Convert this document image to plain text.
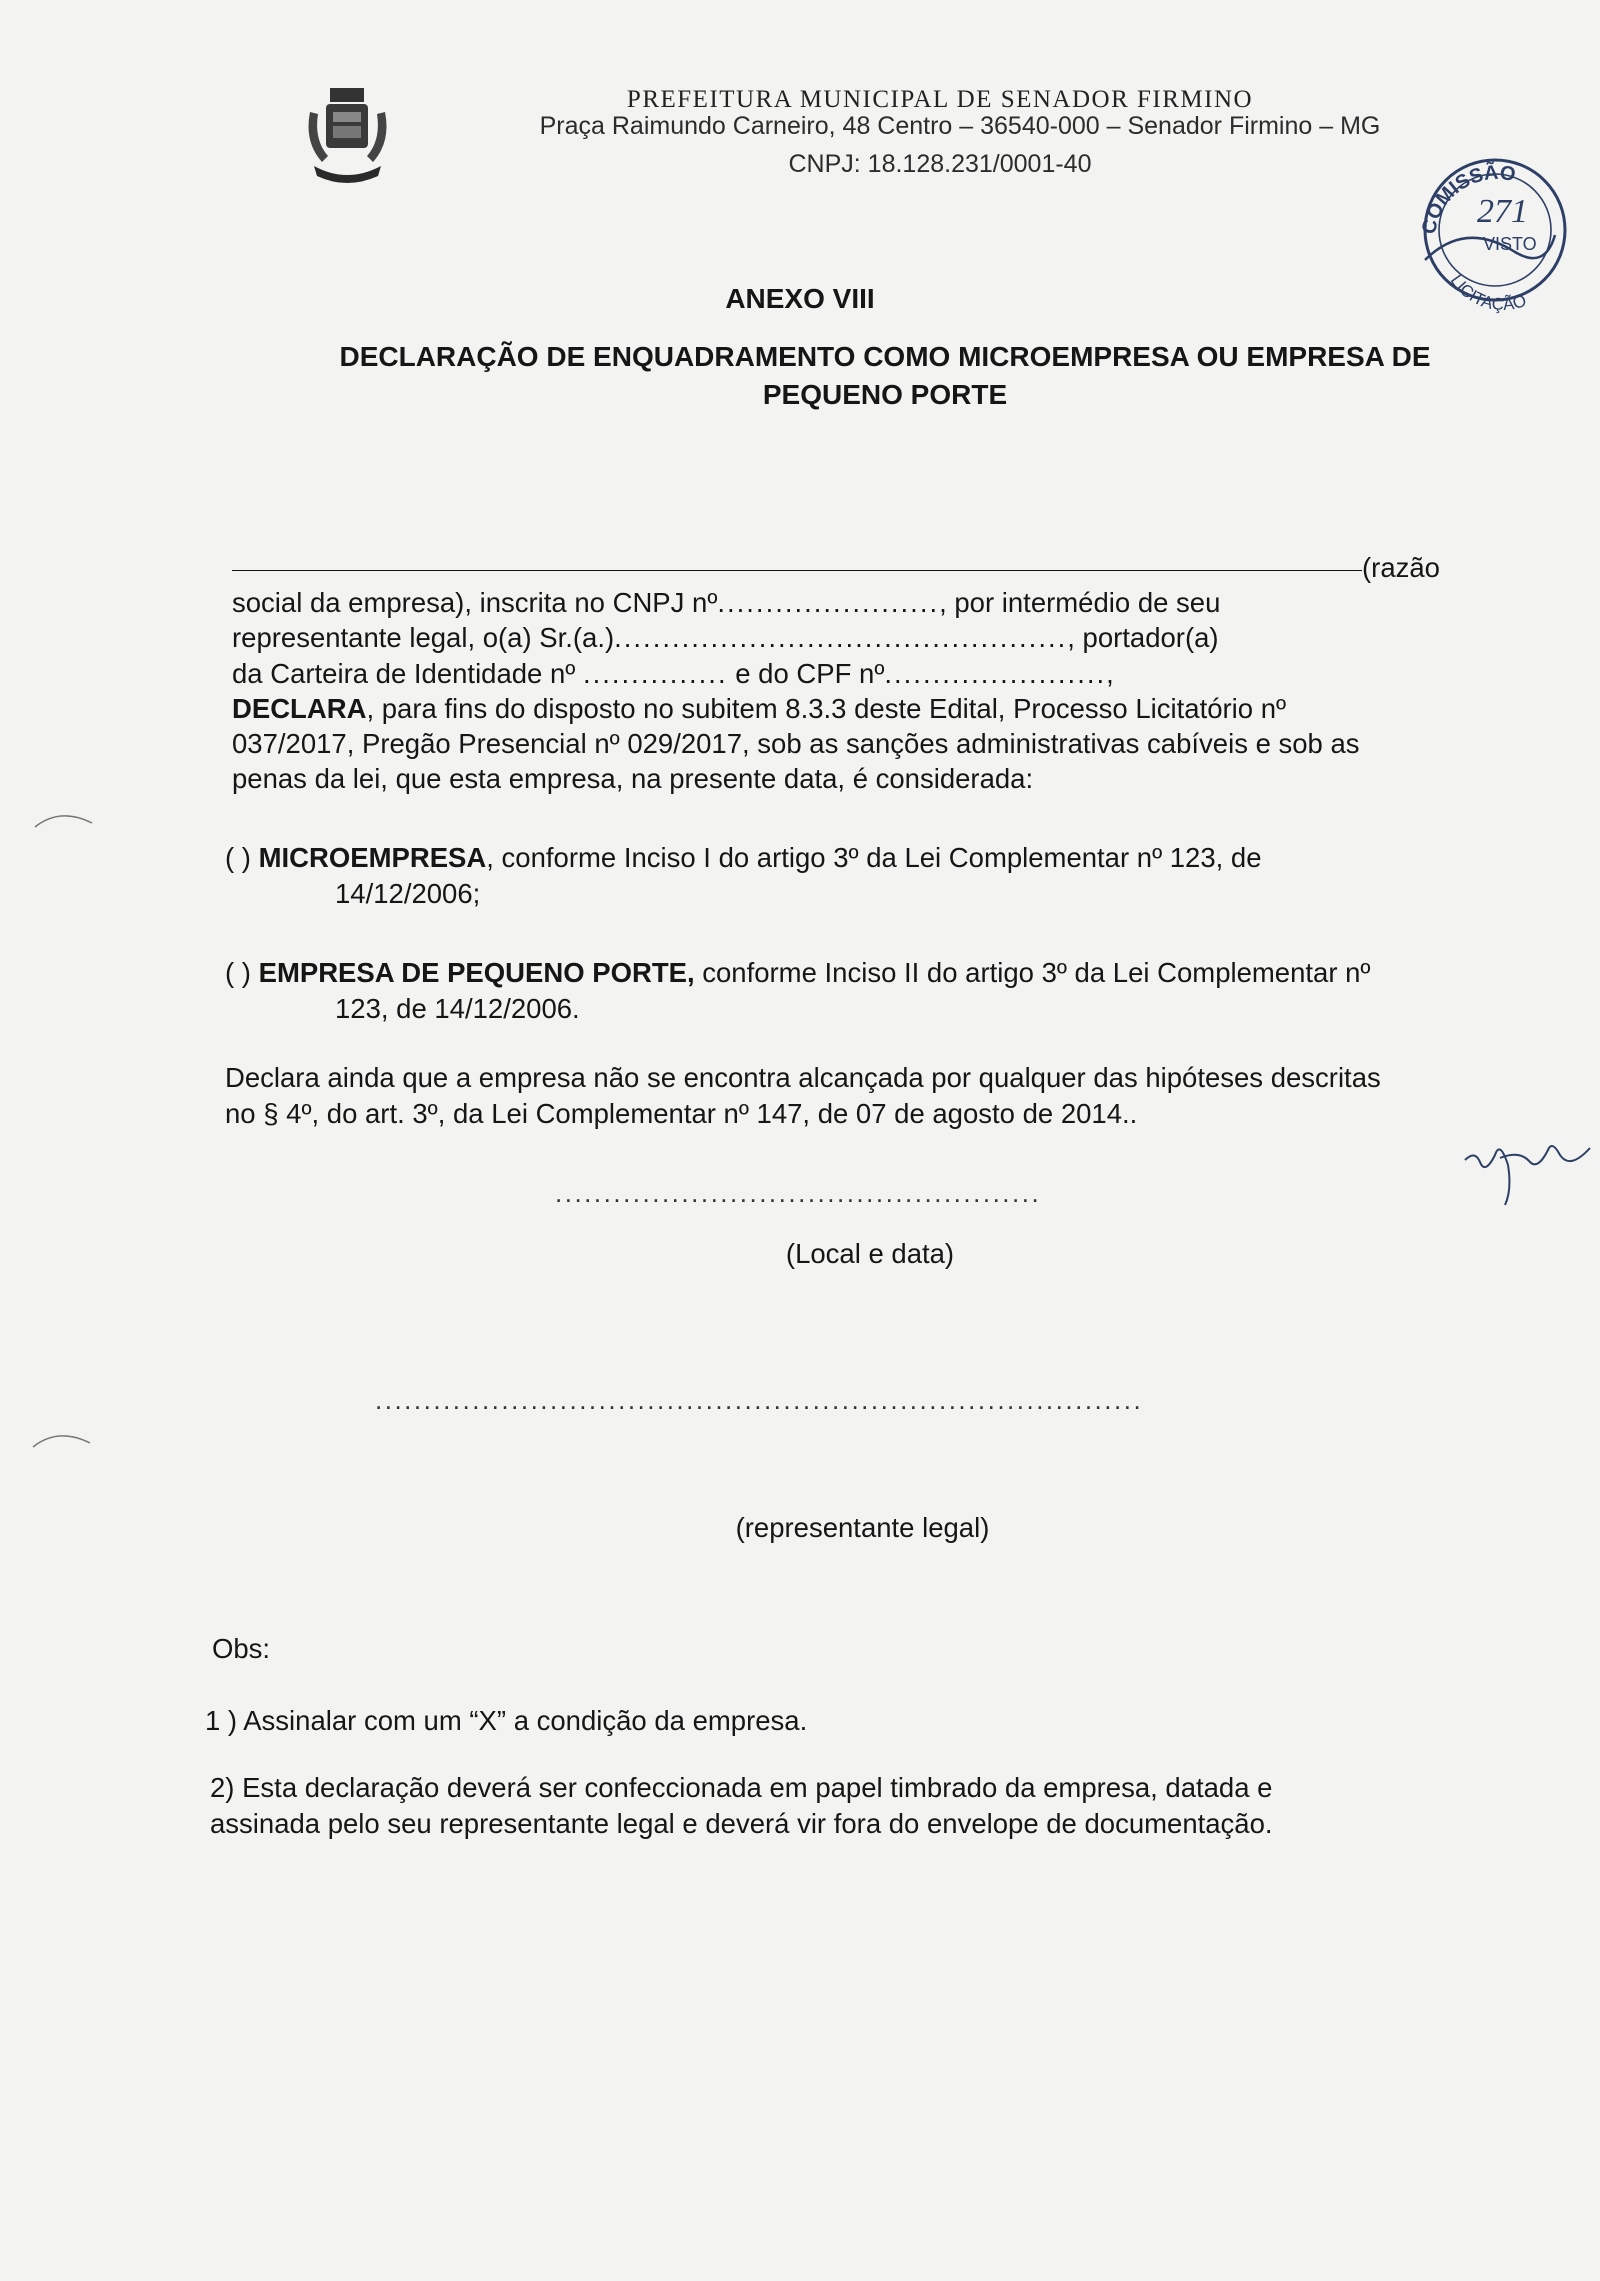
PREFEITURA MUNICIPAL DE SENADOR FIRMINO
Praça Raimundo Carneiro, 48 Centro – 36540-000 – Senador Firmino – MG
CNPJ: 18.128.231/0001-40
COMISSÃO
271
VISTO
LICITAÇÃO
ANEXO VIII
DECLARAÇÃO DE ENQUADRAMENTO COMO MICROEMPRESA OU EMPRESA DE
PEQUENO PORTE
(razão
social da empresa), inscrita no CNPJ nº......................., por intermédio de seu
representante legal, o(a) Sr.(a.)..............................................., portador(a)
da Carteira de Identidade nº ............... e do CPF nº.......................,
DECLARA, para fins do disposto no subitem 8.3.3 deste Edital, Processo Licitatório nº
037/2017, Pregão Presencial nº 029/2017, sob as sanções administrativas cabíveis e sob as
penas da lei, que esta empresa, na presente data, é considerada:
( ) MICROEMPRESA, conforme Inciso I do artigo 3º da Lei Complementar nº 123, de
14/12/2006;
( ) EMPRESA DE PEQUENO PORTE, conforme Inciso II do artigo 3º da Lei Complementar nº
123, de 14/12/2006.
Declara ainda que a empresa não se encontra alcançada por qualquer das hipóteses descritas
no § 4º, do art. 3º, da Lei Complementar nº 147, de 07 de agosto de 2014..
..................................................
(Local e data)
...............................................................................
(representante legal)
Obs:
1 ) Assinalar com um “X” a condição da empresa.
2) Esta declaração deverá ser confeccionada em papel timbrado da empresa, datada e
assinada pelo seu representante legal e deverá vir fora do envelope de documentação.
